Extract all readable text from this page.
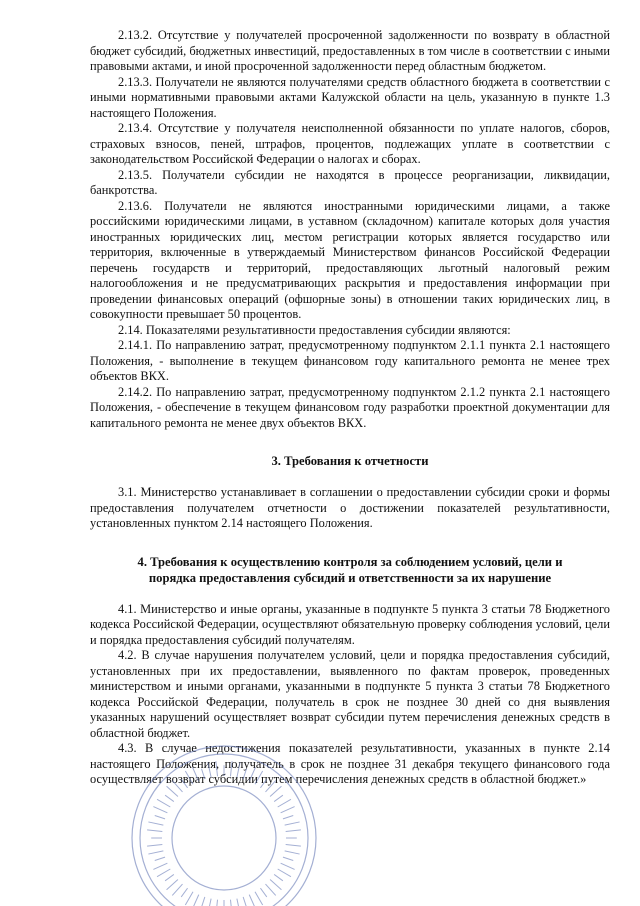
2.13.2. Отсутствие у получателей просроченной задолженности по возврату в областной бюджет субсидий, бюджетных инвестиций, предоставленных в том числе в соответствии с иными правовыми актами, и иной просроченной задолженности перед областным бюджетом.

2.13.3. Получатели не являются получателями средств областного бюджета в соответствии с иными нормативными правовыми актами Калужской области на цель, указанную в пункте 1.3 настоящего Положения.

2.13.4. Отсутствие у получателя неисполненной обязанности по уплате налогов, сборов, страховых взносов, пеней, штрафов, процентов, подлежащих уплате в соответствии с законодательством Российской Федерации о налогах и сборах.

2.13.5. Получатели субсидии не находятся в процессе реорганизации, ликвидации, банкротства.

2.13.6. Получатели не являются иностранными юридическими лицами, а также российскими юридическими лицами, в уставном (складочном) капитале которых доля участия иностранных юридических лиц, местом регистрации которых является государство или территория, включенные в утверждаемый Министерством финансов Российской Федерации перечень государств и территорий, предоставляющих льготный налоговый режим налогообложения и не предусматривающих раскрытия и предоставления информации при проведении финансовых операций (офшорные зоны) в отношении таких юридических лиц, в совокупности превышает 50 процентов.

2.14. Показателями результативности предоставления субсидии являются:

2.14.1. По направлению затрат, предусмотренному подпунктом 2.1.1 пункта 2.1 настоящего Положения, - выполнение в текущем финансовом году капитального ремонта не менее трех объектов ВКХ.

2.14.2. По направлению затрат, предусмотренному подпунктом 2.1.2 пункта 2.1 настоящего Положения, - обеспечение в текущем финансовом году разработки проектной документации для капитального ремонта не менее двух объектов ВКХ.

3. Требования к отчетности

3.1. Министерство устанавливает в соглашении о предоставлении субсидии сроки и формы предоставления получателем отчетности о достижении показателей результативности, установленных пунктом 2.14 настоящего Положения.

4. Требования к осуществлению контроля за соблюдением условий, цели и
порядка предоставления субсидий и ответственности за их нарушение

4.1. Министерство и иные органы, указанные в подпункте 5 пункта 3 статьи 78 Бюджетного кодекса Российской Федерации, осуществляют обязательную проверку соблюдения условий, цели и порядка предоставления субсидий получателям.

4.2. В случае нарушения получателем условий, цели и порядка предоставления субсидий, установленных при их предоставлении, выявленного по фактам проверок, проведенных министерством и иными органами, указанными в подпункте 5 пункта 3 статьи 78 Бюджетного кодекса Российской Федерации, получатель в срок не позднее 30 дней со дня выявления указанных нарушений осуществляет возврат субсидии путем перечисления денежных средств в областной бюджет.

4.3. В случае недостижения показателей результативности, указанных в пункте 2.14 настоящего Положения, получатель в срок не позднее 31 декабря текущего финансового года осуществляет возврат субсидии путем перечисления денежных средств в областной бюджет.»
